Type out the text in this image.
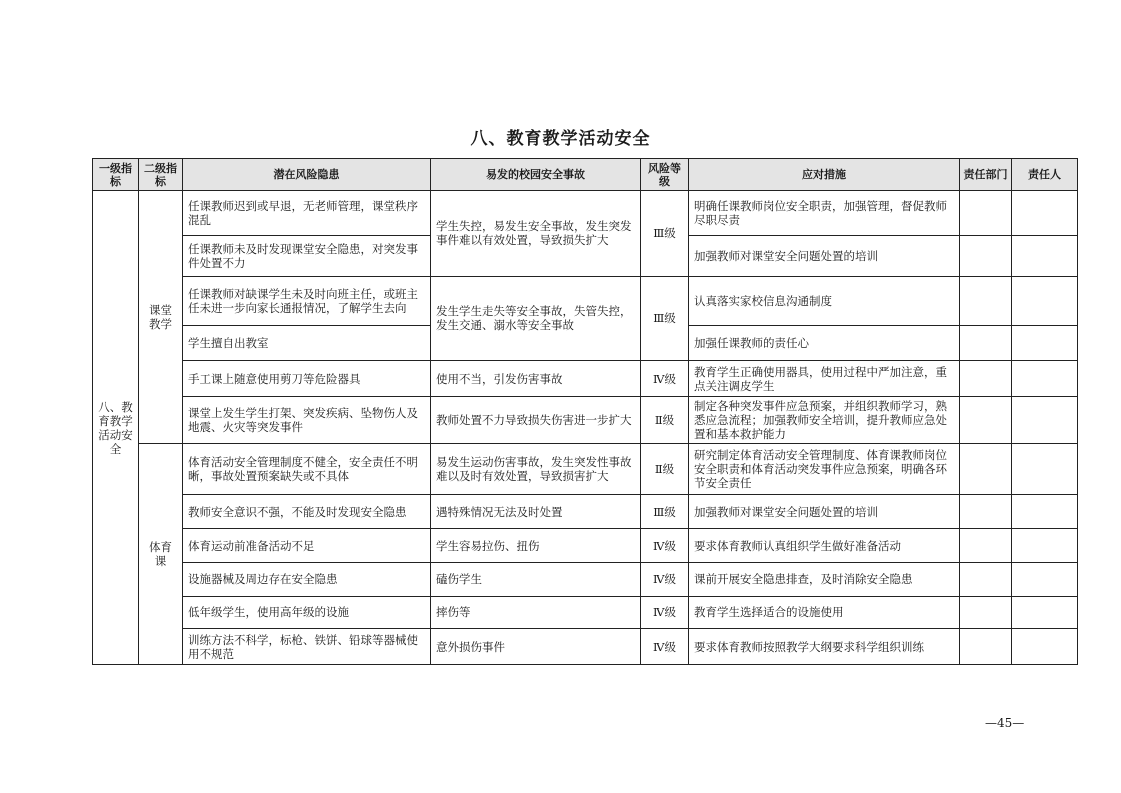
八、教育教学活动安全
一级指标	二级指标	潜在风险隐患	易发的校园安全事故	风险等级	应对措施	责任部门	责任人
八、教育教学活动安全	课堂教学	任课教师迟到或早退，无老师管理，课堂秩序混乱	学生失控，易发生安全事故，发生突发事件难以有效处置，导致损失扩大	Ⅲ级	明确任课教师岗位安全职责，加强管理，督促教师尽职尽责		
		任课教师未及时发现课堂安全隐患，对突发事件处置不力			加强教师对课堂安全问题处置的培训		
		任课教师对缺课学生未及时向班主任，或班主任未进一步向家长通报情况，了解学生去向	发生学生走失等安全事故，失管失控，发生交通、溺水等安全事故	Ⅲ级	认真落实家校信息沟通制度		
		学生擅自出教室			加强任课教师的责任心		
		手工课上随意使用剪刀等危险器具	使用不当，引发伤害事故	Ⅳ级	教育学生正确使用器具，使用过程中严加注意，重点关注调皮学生		
		课堂上发生学生打架、突发疾病、坠物伤人及地震、火灾等突发事件	教师处置不力导致损失伤害进一步扩大	Ⅱ级	制定各种突发事件应急预案，并组织教师学习，熟悉应急流程；加强教师安全培训，提升教师应急处置和基本救护能力		
	体育课	体育活动安全管理制度不健全，安全责任不明晰，事故处置预案缺失或不具体	易发生运动伤害事故，发生突发性事故难以及时有效处置，导致损害扩大	Ⅱ级	研究制定体育活动安全管理制度、体育课教师岗位安全职责和体育活动突发事件应急预案，明确各环节安全责任		
		教师安全意识不强，不能及时发现安全隐患	遇特殊情况无法及时处置	Ⅲ级	加强教师对课堂安全问题处置的培训		
		体育运动前准备活动不足	学生容易拉伤、扭伤	Ⅳ级	要求体育教师认真组织学生做好准备活动		
		设施器械及周边存在安全隐患	磕伤学生	Ⅳ级	课前开展安全隐患排查，及时消除安全隐患		
		低年级学生，使用高年级的设施	摔伤等	Ⅳ级	教育学生选择适合的设施使用		
		训练方法不科学，标枪、铁饼、铅球等器械使用不规范	意外损伤事件	Ⅳ级	要求体育教师按照教学大纲要求科学组织训练		
—45—
